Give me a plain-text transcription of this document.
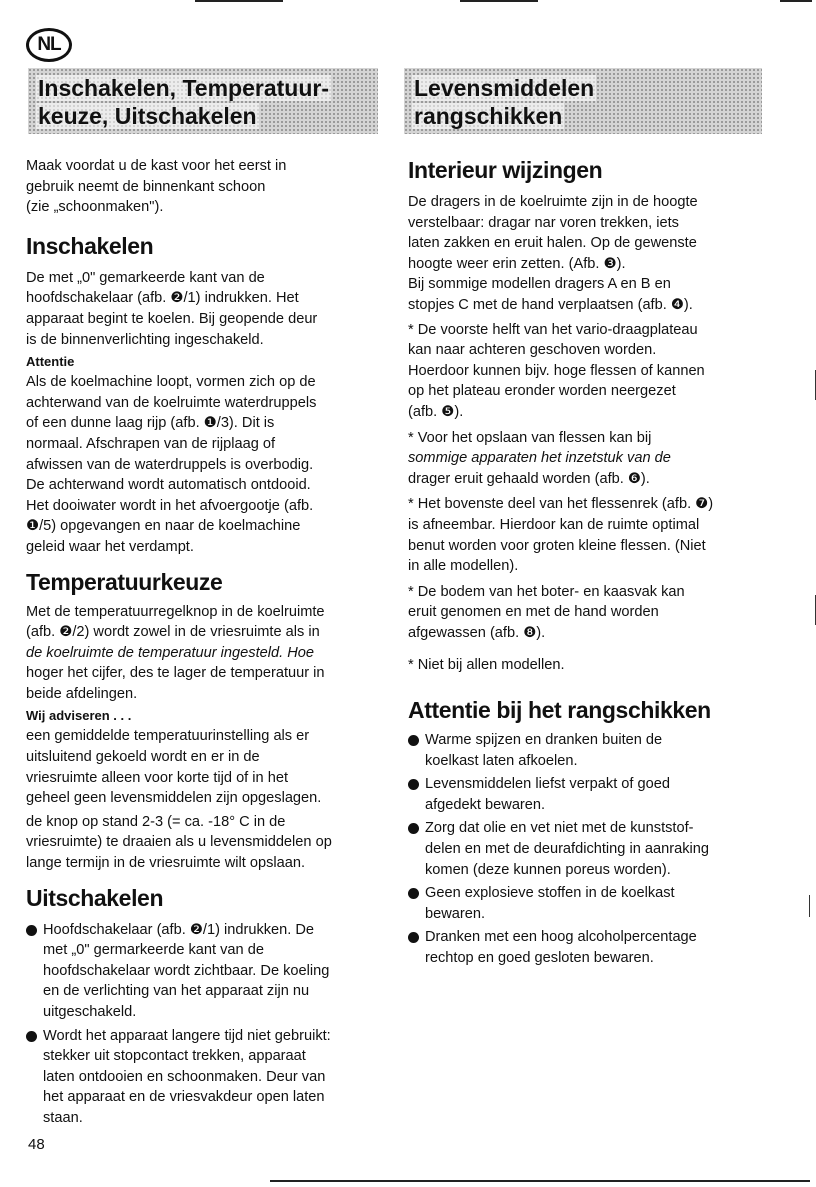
NL
Inschakelen, Temperatuur-
keuze, Uitschakelen
Levensmiddelen
rangschikken

Maak voordat u de kast voor het eerst in

gebruik neemt de binnenkant schoon

(zie „schoonmaken").

Inschakelen

De met „0" gemarkeerde kant van de

hoofdschakelaar (afb. ❷/1) indrukken. Het

apparaat begint te koelen. Bij geopende deur

is de binnenverlichting ingeschakeld.

Attentie

Als de koelmachine loopt, vormen zich op de

achterwand van de koelruimte waterdruppels

of een dunne laag rijp (afb. ❶/3). Dit is

normaal. Afschrapen van de rijplaag of

afwissen van de waterdruppels is overbodig.

De achterwand wordt automatisch ontdooid.

Het dooiwater wordt in het afvoergootje (afb.

❶/5) opgevangen en naar de koelmachine

geleid waar het verdampt.

Temperatuurkeuze

Met de temperatuurregelknop in de koelruimte

(afb. ❷/2) wordt zowel in de vriesruimte als in

de koelruimte de temperatuur ingesteld. Hoe

hoger het cijfer, des te lager de temperatuur in

beide afdelingen.

Wij adviseren . . .

een gemiddelde temperatuurinstelling als er

uitsluitend gekoeld wordt en er in de

vriesruimte alleen voor korte tijd of in het

geheel geen levensmiddelen zijn opgeslagen.

de knop op stand 2-3 (= ca. -18° C in de

vriesruimte) te draaien als u levensmiddelen op

lange termijn in de vriesruimte wilt opslaan.

Uitschakelen

Hoofdschakelaar (afb. ❷/1) indrukken. De

met „0" germarkeerde kant van de

hoofdschakelaar wordt zichtbaar. De koeling

en de verlichting van het apparaat zijn nu

uitgeschakeld.

Wordt het apparaat langere tijd niet gebruikt:

stekker uit stopcontact trekken, apparaat

laten ontdooien en schoonmaken. Deur van

het apparaat en de vriesvakdeur open laten

staan.

Interieur wijzingen

De dragers in de koelruimte zijn in de hoogte

verstelbaar: dragar nar voren trekken, iets

laten zakken en eruit halen. Op de gewenste

hoogte weer erin zetten. (Afb. ❸).

Bij sommige modellen dragers A en B en

stopjes C met de hand verplaatsen (afb. ❹).

* De voorste helft van het vario-draagplateau

kan naar achteren geschoven worden.

Hoerdoor kunnen bijv. hoge flessen of kannen

op het plateau eronder worden neergezet

(afb. ❺).

* Voor het opslaan van flessen kan bij

sommige apparaten het inzetstuk van de

drager eruit gehaald worden (afb. ❻).

* Het bovenste deel van het flessenrek (afb. ❼)

is afneembar. Hierdoor kan de ruimte optimal

benut worden voor groten kleine flessen. (Niet

in alle modellen).

* De bodem van het boter- en kaasvak kan

eruit genomen en met de hand worden

afgewassen (afb. ❽).

* Niet bij allen modellen.

Attentie bij het rangschikken

Warme spijzen en dranken buiten de

koelkast laten afkoelen.

Levensmiddelen liefst verpakt of goed

afgedekt bewaren.

Zorg dat olie en vet niet met de kunststof-

delen en met de deurafdichting in aanraking

komen (deze kunnen poreus worden).

Geen explosieve stoffen in de koelkast

bewaren.

Dranken met een hoog alcoholpercentage

rechtop en goed gesloten bewaren.

48
